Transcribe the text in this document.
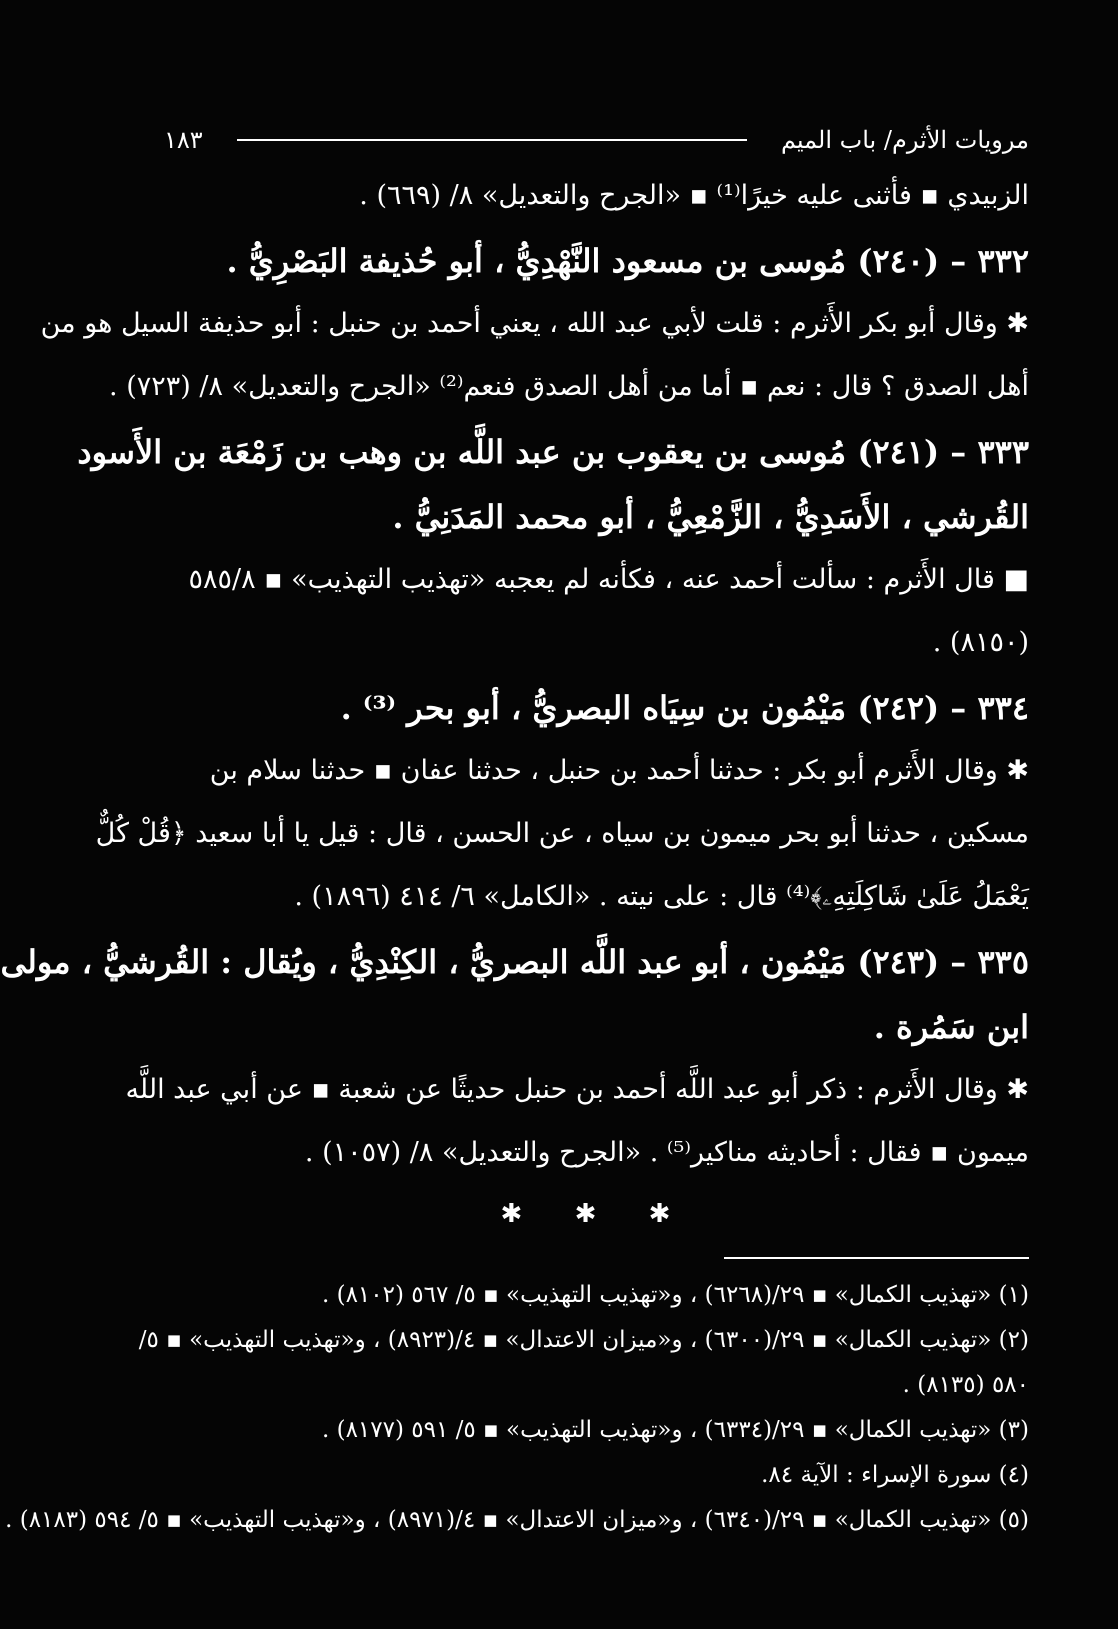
مرويات الأثرم/ باب الميم
١٨٣
الزبيدي ▪ فأثنى عليه خيرًا⁽¹⁾ ▪ «الجرح والتعديل» ٨/ (٦٦٩) .
٣٣٢ – (٢٤٠) مُوسى بن مسعود النَّهْدِيُّ ، أبو حُذيفة البَصْرِيُّ .
✱ وقال أبو بكر الأَثرم : قلت لأبي عبد الله ، يعني أحمد بن حنبل : أبو حذيفة السيل هو من
أهل الصدق ؟ قال : نعم ▪ أما من أهل الصدق فنعم⁽²⁾ «الجرح والتعديل» ٨/ (٧٢٣) .
٣٣٣ – (٢٤١) مُوسى بن يعقوب بن عبد اللَّه بن وهب بن زَمْعَة بن الأَسود
القُرشي ، الأَسَدِيُّ ، الزَّمْعِيُّ ، أبو محمد المَدَنِيُّ .
■ قال الأَثرم : سألت أحمد عنه ، فكأنه لم يعجبه «تهذيب التهذيب» ▪ ٥٨٥/٨
(٨١٥٠) .
٣٣٤ – (٢٤٢) مَيْمُون بن سِيَاه البصريُّ ، أبو بحر ⁽³⁾ .
✱ وقال الأَثرم أبو بكر : حدثنا أحمد بن حنبل ، حدثنا عفان ▪ حدثنا سلام بن
مسكين ، حدثنا أبو بحر ميمون بن سياه ، عن الحسن ، قال : قيل يا أبا سعيد ﴿قُلْ كُلٌّ
يَعْمَلُ عَلَىٰ شَاكِلَتِهِۦ﴾⁽⁴⁾ قال : على نيته . «الكامل» ٦/ ٤١٤ (١٨٩٦) .
٣٣٥ – (٢٤٣) مَيْمُون ، أبو عبد اللَّه البصريُّ ، الكِنْدِيُّ ، ويُقال : القُرشيُّ ، مولى
ابن سَمُرة .
✱ وقال الأَثرم : ذكر أبو عبد اللَّه أحمد بن حنبل حديثًا عن شعبة ▪ عن أبي عبد اللَّه
ميمون ▪ فقال : أحاديثه مناكير⁽⁵⁾ . «الجرح والتعديل» ٨/ (١٠٥٧) .
✱ ✱ ✱
(١) «تهذيب الكمال» ▪ ٢٩/(٦٢٦٨) ، و«تهذيب التهذيب» ▪ ٥/ ٥٦٧ (٨١٠٢) .
(٢) «تهذيب الكمال» ▪ ٢٩/(٦٣٠٠) ، و«ميزان الاعتدال» ▪ ٤/(٨٩٢٣) ، و«تهذيب التهذيب» ▪ ٥/
٥٨٠ (٨١٣٥) .
(٣) «تهذيب الكمال» ▪ ٢٩/(٦٣٣٤) ، و«تهذيب التهذيب» ▪ ٥/ ٥٩١ (٨١٧٧) .
(٤) سورة الإسراء : الآية ٨٤.
(٥) «تهذيب الكمال» ▪ ٢٩/(٦٣٤٠) ، و«ميزان الاعتدال» ▪ ٤/(٨٩٧١) ، و«تهذيب التهذيب» ▪ ٥/ ٥٩٤ (٨١٨٣) .
